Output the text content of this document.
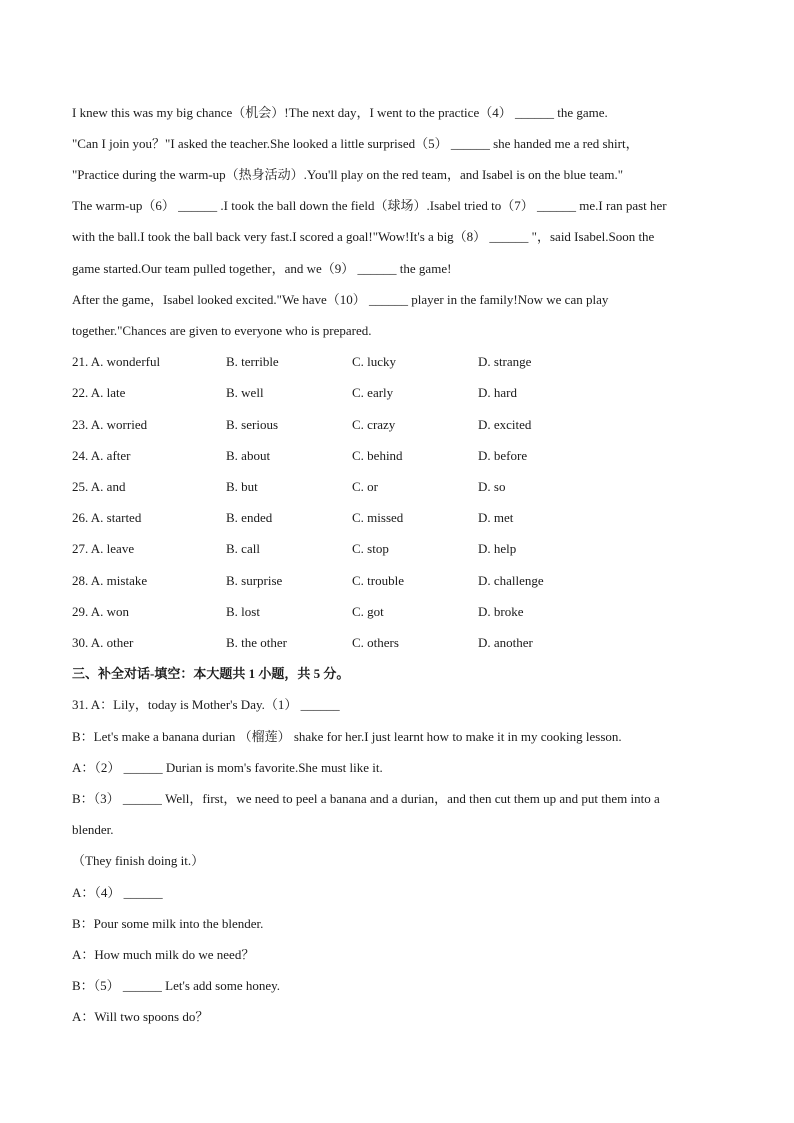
I knew this was my big chance（机会）!The next day，I went to the practice（4） ______ the game.
"Can I join you？"I asked the teacher.She looked a little surprised（5） ______ she handed me a red shirt，
"Practice during the warm-up（热身活动）.You'll play on the red team，and Isabel is on the blue team."
The warm-up（6） ______ .I took the ball down the field（球场）.Isabel tried to（7） ______ me.I ran past her
with the ball.I took the ball back very fast.I scored a goal!"Wow!It's a big（8） ______ "，said Isabel.Soon the
game started.Our team pulled together，and we（9） ______ the game!
After the game，Isabel looked excited."We have（10） ______ player in the family!Now we can play
together."Chances are given to everyone who is prepared.
21. A. wonderful	B. terrible	C. lucky	D. strange
22. A. late	B. well	C. early	D. hard
23. A. worried	B. serious	C. crazy	D. excited
24. A. after	B. about	C. behind	D. before
25. A. and	B. but	C. or	D. so
26. A. started	B. ended	C. missed	D. met
27. A. leave	B. call	C. stop	D. help
28. A. mistake	B. surprise	C. trouble	D. challenge
29. A. won	B. lost	C. got	D. broke
30. A. other	B. the other	C. others	D. another
三、补全对话-填空：本大题共 1 小题，共 5 分。
31. A：Lily，today is Mother's Day.（1） ______
B：Let's make a banana durian （榴莲） shake for her.I just learnt how to make it in my cooking lesson.
A：（2） ______ Durian is mom's favorite.She must like it.
B：（3） ______ Well，first，we need to peel a banana and a durian，and then cut them up and put them into a
blender.
（They finish doing it.）
A：（4） ______
B：Pour some milk into the blender.
A：How much milk do we need？
B：（5） ______ Let's add some honey.
A：Will two spoons do？
